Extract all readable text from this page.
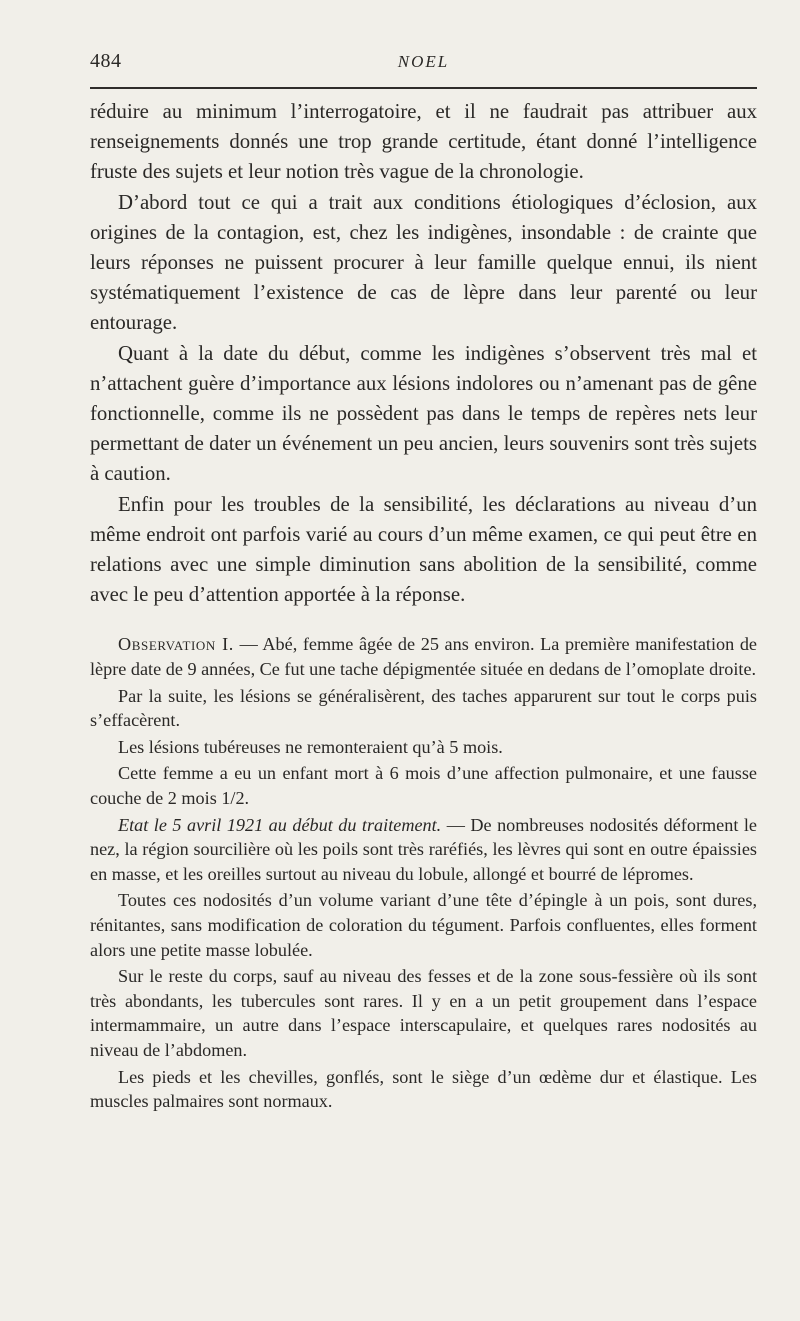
484	NOEL

réduire au minimum l’interrogatoire, et il ne faudrait pas attribuer aux renseignements donnés une trop grande certitude, étant donné l’intelligence fruste des sujets et leur notion très vague de la chronologie.

D’abord tout ce qui a trait aux conditions étiologiques d’éclosion, aux origines de la contagion, est, chez les indigènes, insondable : de crainte que leurs réponses ne puissent procurer à leur famille quelque ennui, ils nient systématiquement l’existence de cas de lèpre dans leur parenté ou leur entourage.

Quant à la date du début, comme les indigènes s’observent très mal et n’attachent guère d’importance aux lésions indolores ou n’amenant pas de gêne fonctionnelle, comme ils ne possèdent pas dans le temps de repères nets leur permettant de dater un événement un peu ancien, leurs souvenirs sont très sujets à caution.

Enfin pour les troubles de la sensibilité, les déclarations au niveau d’un même endroit ont parfois varié au cours d’un même examen, ce qui peut être en relations avec une simple diminution sans abolition de la sensibilité, comme avec le peu d’attention apportée à la réponse.

Observation I. — Abé, femme âgée de 25 ans environ. La première manifestation de lèpre date de 9 années, Ce fut une tache dépigmentée située en dedans de l’omoplate droite.

Par la suite, les lésions se généralisèrent, des taches apparurent sur tout le corps puis s’effacèrent.

Les lésions tubéreuses ne remonteraient qu’à 5 mois.

Cette femme a eu un enfant mort à 6 mois d’une affection pulmonaire, et une fausse couche de 2 mois 1/2.

Etat le 5 avril 1921 au début du traitement. — De nombreuses nodosités déforment le nez, la région sourcilière où les poils sont très raréfiés, les lèvres qui sont en outre épaissies en masse, et les oreilles surtout au niveau du lobule, allongé et bourré de lépromes.

Toutes ces nodosités d’un volume variant d’une tête d’épingle à un pois, sont dures, rénitantes, sans modification de coloration du tégument. Parfois confluentes, elles forment alors une petite masse lobulée.

Sur le reste du corps, sauf au niveau des fesses et de la zone sous-fessière où ils sont très abondants, les tubercules sont rares. Il y en a un petit groupement dans l’espace intermammaire, un autre dans l’espace interscapulaire, et quelques rares nodosités au niveau de l’abdomen.

Les pieds et les chevilles, gonflés, sont le siège d’un œdème dur et élastique. Les muscles palmaires sont normaux.
